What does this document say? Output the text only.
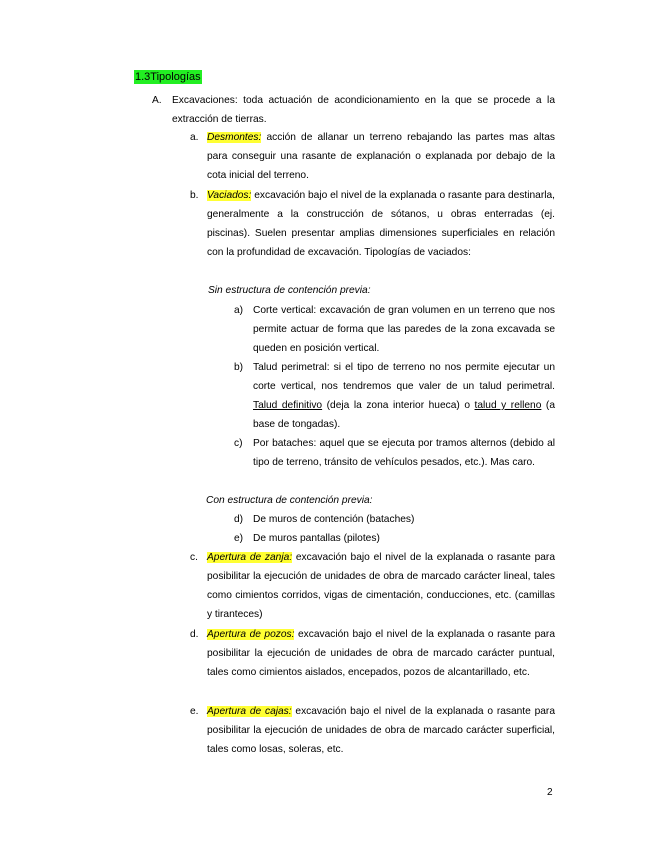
1.3Tipologías
A. Excavaciones: toda actuación de acondicionamiento en la que se procede a la extracción de tierras.
a. Desmontes: acción de allanar un terreno rebajando las partes mas altas para conseguir una rasante de explanación o explanada por debajo de la cota inicial del terreno.
b. Vaciados: excavación bajo el nivel de la explanada o rasante para destinarla, generalmente a la construcción de sótanos, u obras enterradas (ej. piscinas). Suelen presentar amplias dimensiones superficiales en relación con la profundidad de excavación. Tipologías de vaciados:
Sin estructura de contención previa:
a) Corte vertical: excavación de gran volumen en un terreno que nos permite actuar de forma que las paredes de la zona excavada se queden en posición vertical.
b) Talud perimetral: si el tipo de terreno no nos permite ejecutar un corte vertical, nos tendremos que valer de un talud perimetral. Talud definitivo (deja la zona interior hueca) o talud y relleno (a base de tongadas).
c) Por bataches: aquel que se ejecuta por tramos alternos (debido al tipo de terreno, tránsito de vehículos pesados, etc.). Mas caro.
Con estructura de contención previa:
d) De muros de contención (bataches)
e) De muros pantallas (pilotes)
c. Apertura de zanja: excavación bajo el nivel de la explanada o rasante para posibilitar la ejecución de unidades de obra de marcado carácter lineal, tales como cimientos corridos, vigas de cimentación, conducciones, etc. (camillas y tiranteces)
d. Apertura de pozos: excavación bajo el nivel de la explanada o rasante para posibilitar la ejecución de unidades de obra de marcado carácter puntual, tales como cimientos aislados, encepados, pozos de alcantarillado, etc.
e. Apertura de cajas: excavación bajo el nivel de la explanada o rasante para posibilitar la ejecución de unidades de obra de marcado carácter superficial, tales como losas, soleras, etc.
2
